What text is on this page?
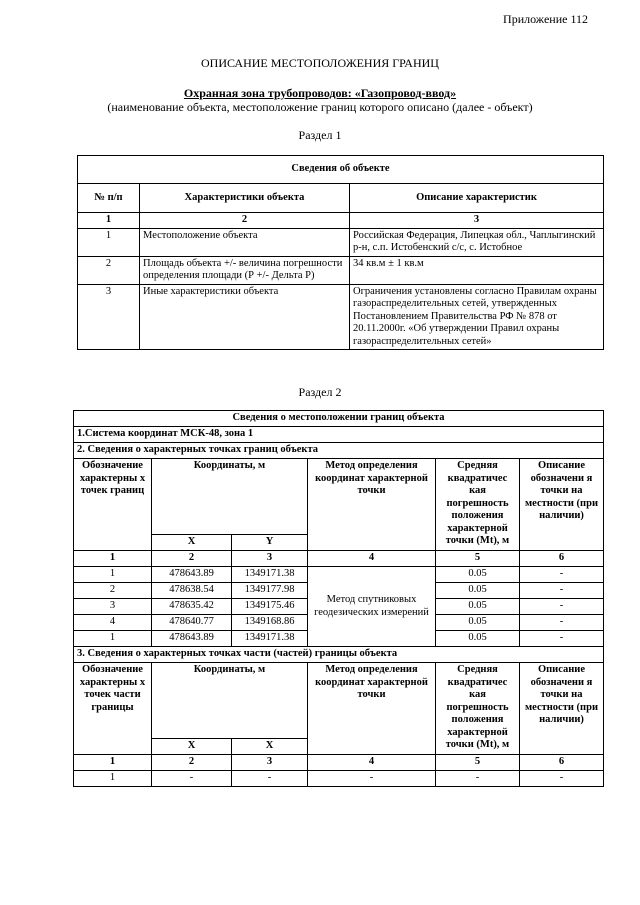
Приложение 112
ОПИСАНИЕ МЕСТОПОЛОЖЕНИЯ ГРАНИЦ
Охранная зона трубопроводов: «Газопровод-ввод»
(наименование объекта, местоположение границ которого описано (далее - объект)
Раздел 1
Сведения об объекте		
№ п/п	Характеристики объекта	Описание характеристик
1	2	3
1	Местоположение объекта	Российская Федерация, Липецкая обл., Чаплыгинский р-н, с.п. Истобенский с/с, с. Истобное
2	Площадь объекта +/- величина погрешности определения площади (Р +/- Дельта Р)	34 кв.м ± 1 кв.м
3	Иные характеристики объекта	Ограничения установлены согласно Правилам охраны газораспределительных сетей, утвержденных Постановлением Правительства РФ № 878 от 20.11.2000г. «Об утверждении Правил охраны газораспределительных сетей»
Раздел 2
Сведения о местоположении границ объекта					
1.Система координат МСК-48, зона 1					
2. Сведения о характерных точках границ объекта					
Обозначение характерны х точек границ	Координаты, м		Метод определения координат характерной точки	Средняя квадратичес кая погрешность положения характерной точки (Mt), м	Описание обозначени я точки на местности (при наличии)
	X	Y			
1	2	3	4	5	6
1	478643.89	1349171.38	Метод спутниковых геодезических измерений	0.05	-
2	478638.54	1349177.98		0.05	-
3	478635.42	1349175.46		0.05	-
4	478640.77	1349168.86		0.05	-
1	478643.89	1349171.38		0.05	-
3. Сведения о характерных точках части (частей) границы объекта					
Обозначение характерны х точек части границы	Координаты, м		Метод определения координат характерной точки	Средняя квадратичес кая погрешность положения характерной точки (Mt), м	Описание обозначени я точки на местности (при наличии)
	X	X			
1	2	3	4	5	6
1	-	-	-	-	-
